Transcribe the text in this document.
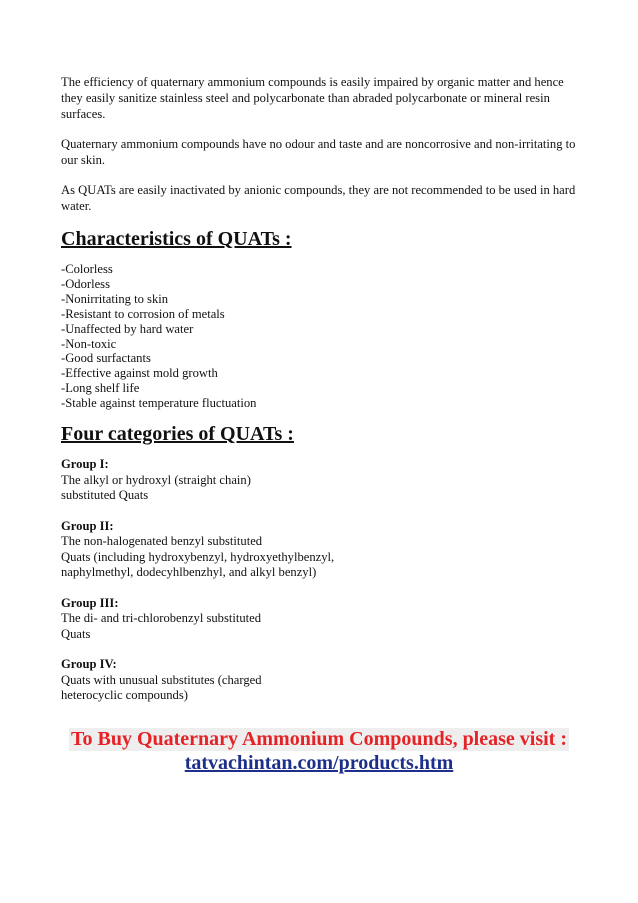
The efficiency of quaternary ammonium compounds is easily impaired by organic matter and hence they easily sanitize stainless steel and polycarbonate than abraded polycarbonate or mineral resin surfaces.

Quaternary ammonium compounds have no odour and taste and are noncorrosive and non-irritating to our skin.

As QUATs are easily inactivated by anionic compounds, they are not recommended to be used in hard water.

Characteristics of QUATs :
-Colorless
-Odorless
-Nonirritating to skin
-Resistant to corrosion of metals
-Unaffected by hard water
-Non-toxic
-Good surfactants
-Effective against mold growth
-Long shelf life
-Stable against temperature fluctuation
Four categories of QUATs :
Group I:
The alkyl or hydroxyl (straight chain)
substituted Quats
Group II:
The non-halogenated benzyl substituted
Quats (including hydroxybenzyl, hydroxyethylbenzyl,
naphylmethyl, dodecyhlbenzhyl, and alkyl benzyl)
Group III:
The di- and tri-chlorobenzyl substituted
Quats
Group IV:
Quats with unusual substitutes (charged
heterocyclic compounds)
To Buy Quaternary Ammonium Compounds, please visit :
tatvachintan.com/products.htm
